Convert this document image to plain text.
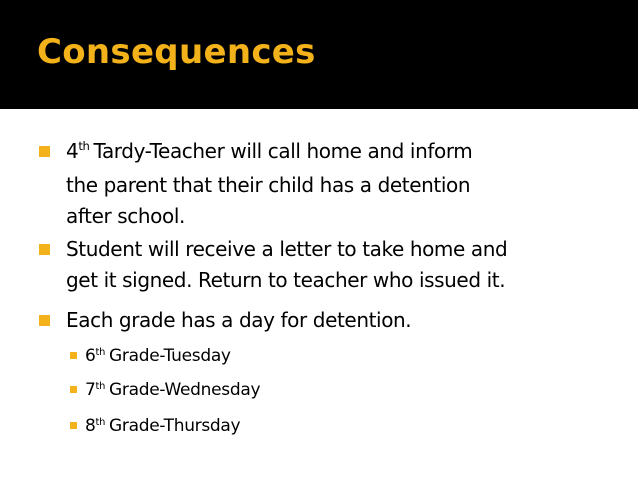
Consequences
4th Tardy-Teacher will call home and inform
the parent that their child has a detention
after school.
Student will receive a letter to take home and
get it signed. Return to teacher who issued it.
Each grade has a day for detention.
6th Grade-Tuesday
7th Grade-Wednesday
8th Grade-Thursday
